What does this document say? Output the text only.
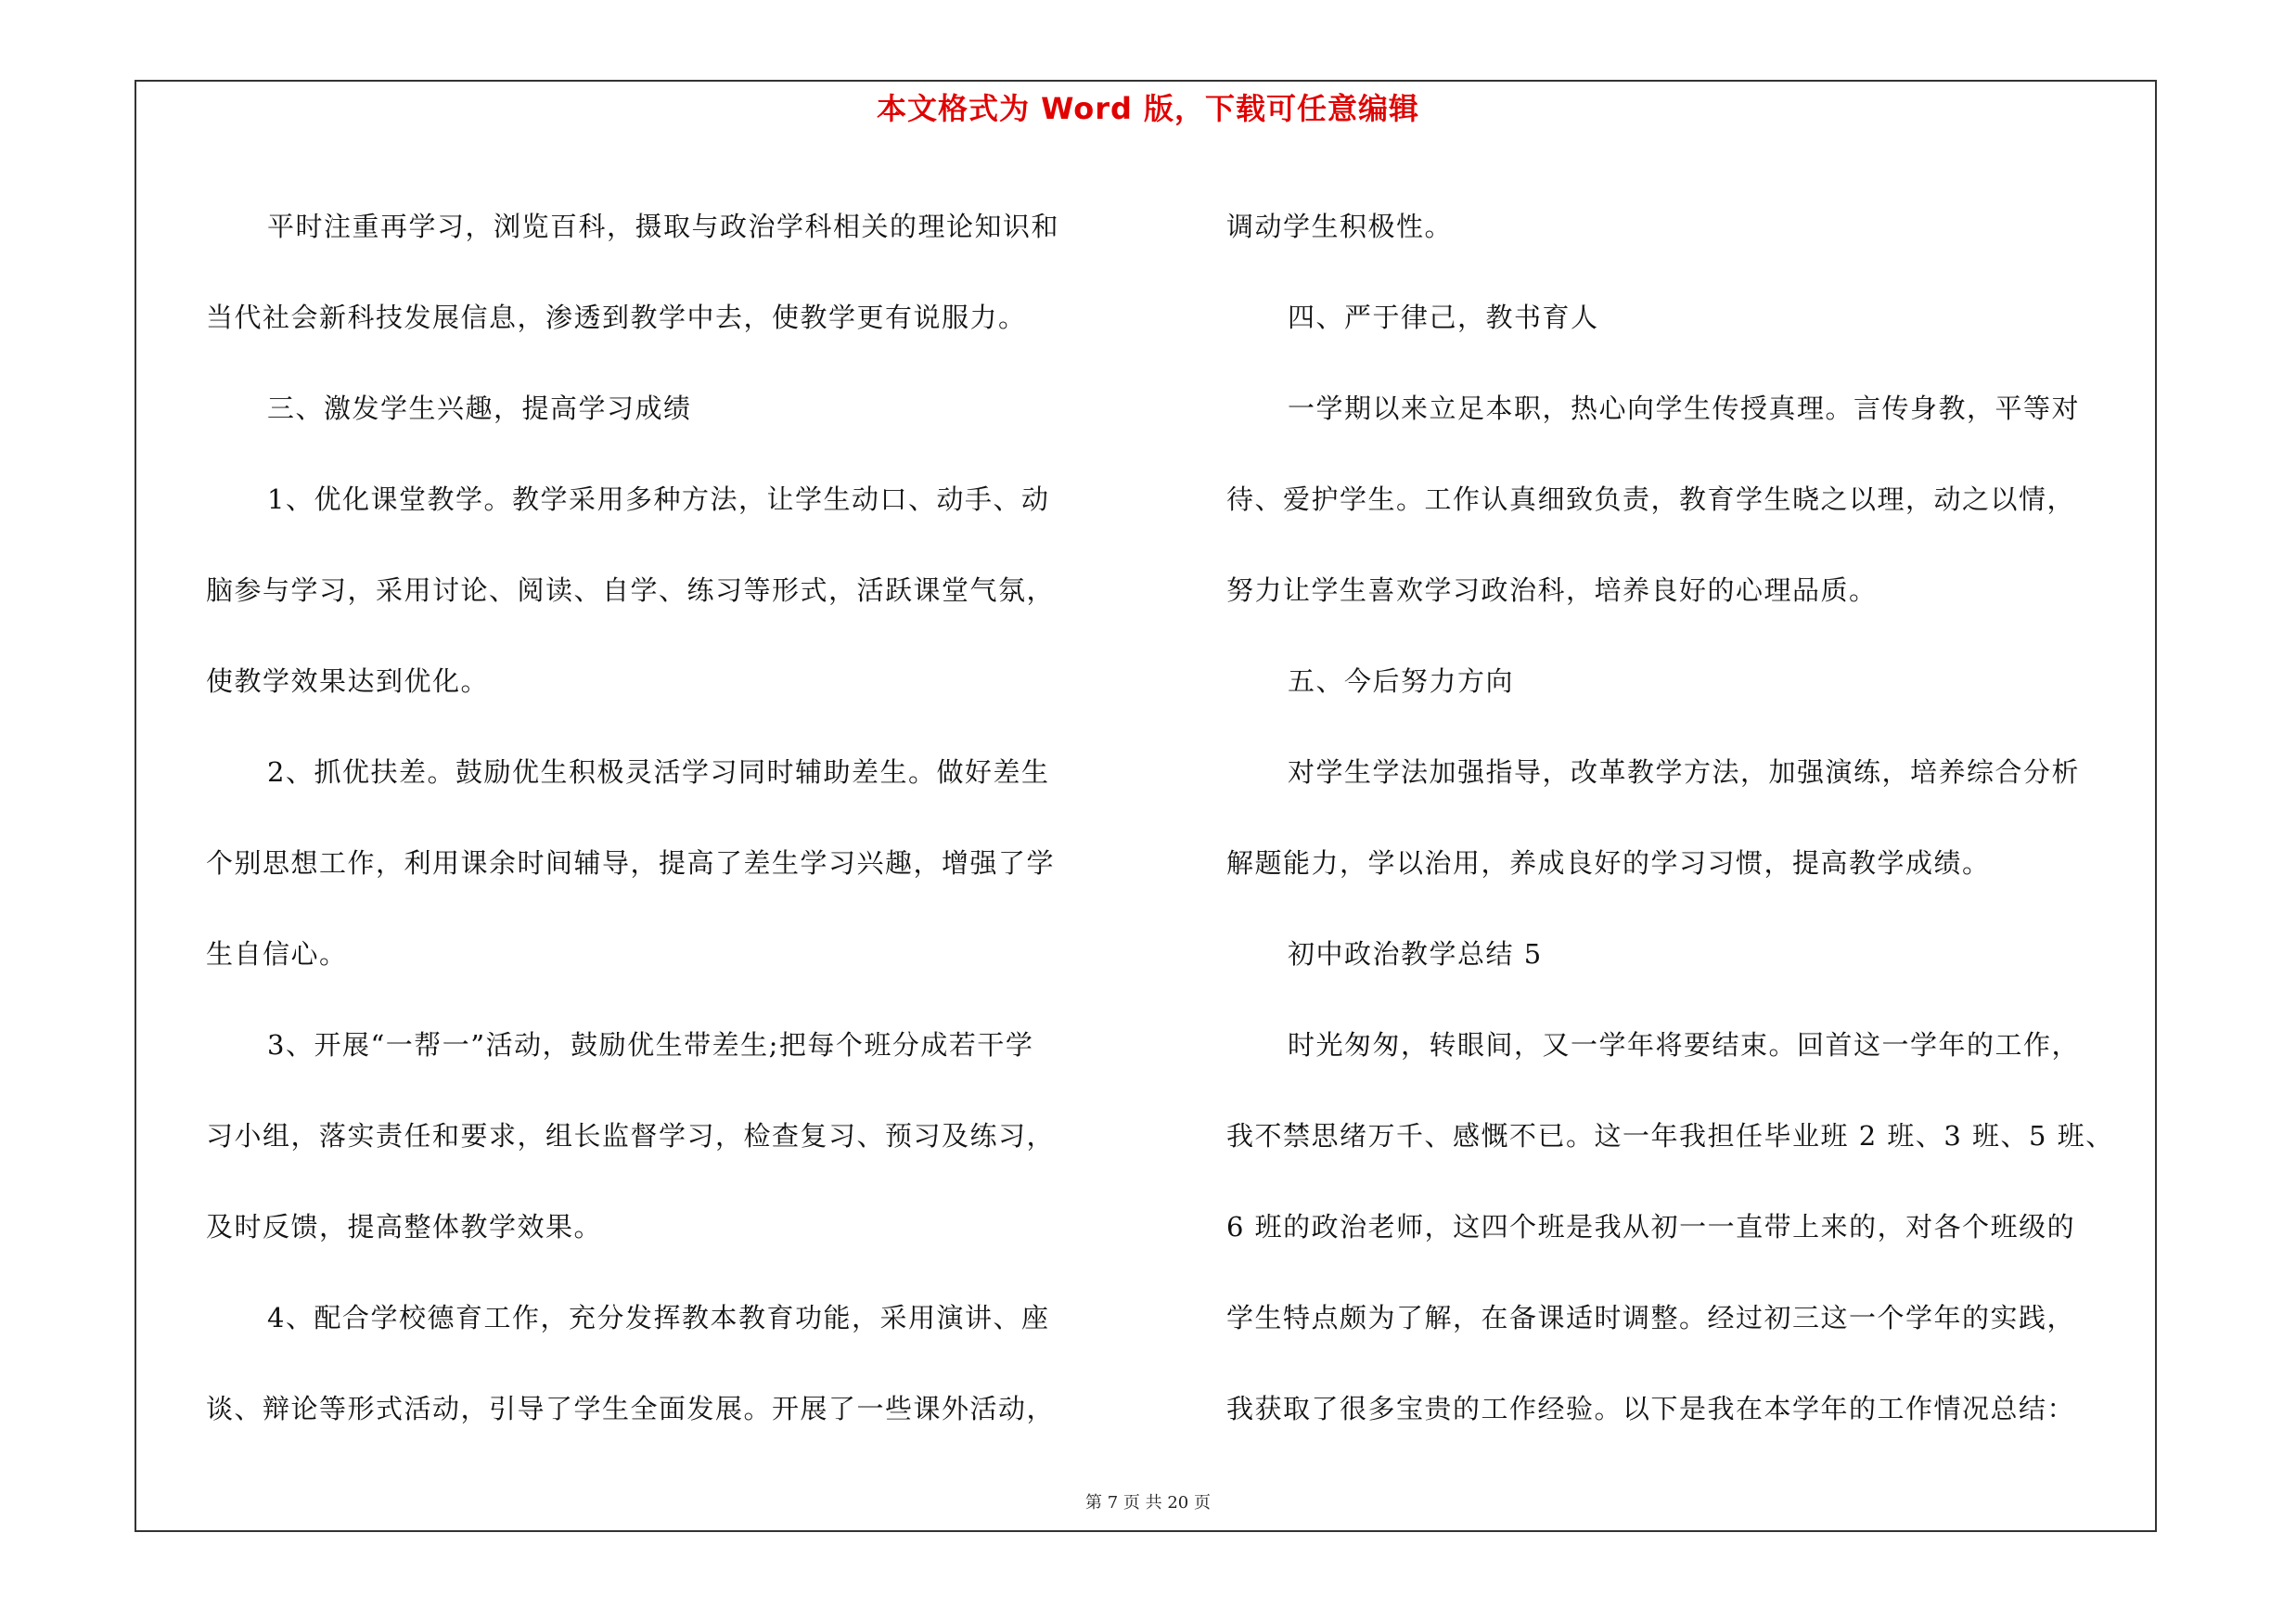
本文格式为 Word 版，下载可任意编辑
平时注重再学习，浏览百科，摄取与政治学科相关的理论知识和
当代社会新科技发展信息，渗透到教学中去，使教学更有说服力。
三、激发学生兴趣，提高学习成绩
1、优化课堂教学。教学采用多种方法，让学生动口、动手、动
脑参与学习，采用讨论、阅读、自学、练习等形式，活跃课堂气氛，
使教学效果达到优化。
2、抓优扶差。鼓励优生积极灵活学习同时辅助差生。做好差生
个别思想工作，利用课余时间辅导，提高了差生学习兴趣，增强了学
生自信心。
3、开展“一帮一”活动，鼓励优生带差生;把每个班分成若干学
习小组，落实责任和要求，组长监督学习，检查复习、预习及练习，
及时反馈，提高整体教学效果。
4、配合学校德育工作，充分发挥教本教育功能，采用演讲、座
谈、辩论等形式活动，引导了学生全面发展。开展了一些课外活动，
调动学生积极性。
四、严于律己，教书育人
一学期以来立足本职，热心向学生传授真理。言传身教，平等对
待、爱护学生。工作认真细致负责，教育学生晓之以理，动之以情，
努力让学生喜欢学习政治科，培养良好的心理品质。
五、今后努力方向
对学生学法加强指导，改革教学方法，加强演练，培养综合分析
解题能力，学以治用，养成良好的学习习惯，提高教学成绩。
初中政治教学总结 5
时光匆匆，转眼间，又一学年将要结束。回首这一学年的工作，
我不禁思绪万千、感慨不已。这一年我担任毕业班 2 班、3 班、5 班、
6 班的政治老师，这四个班是我从初一一直带上来的，对各个班级的
学生特点颇为了解，在备课适时调整。经过初三这一个学年的实践，
我获取了很多宝贵的工作经验。以下是我在本学年的工作情况总结：
第 7 页 共 20 页
